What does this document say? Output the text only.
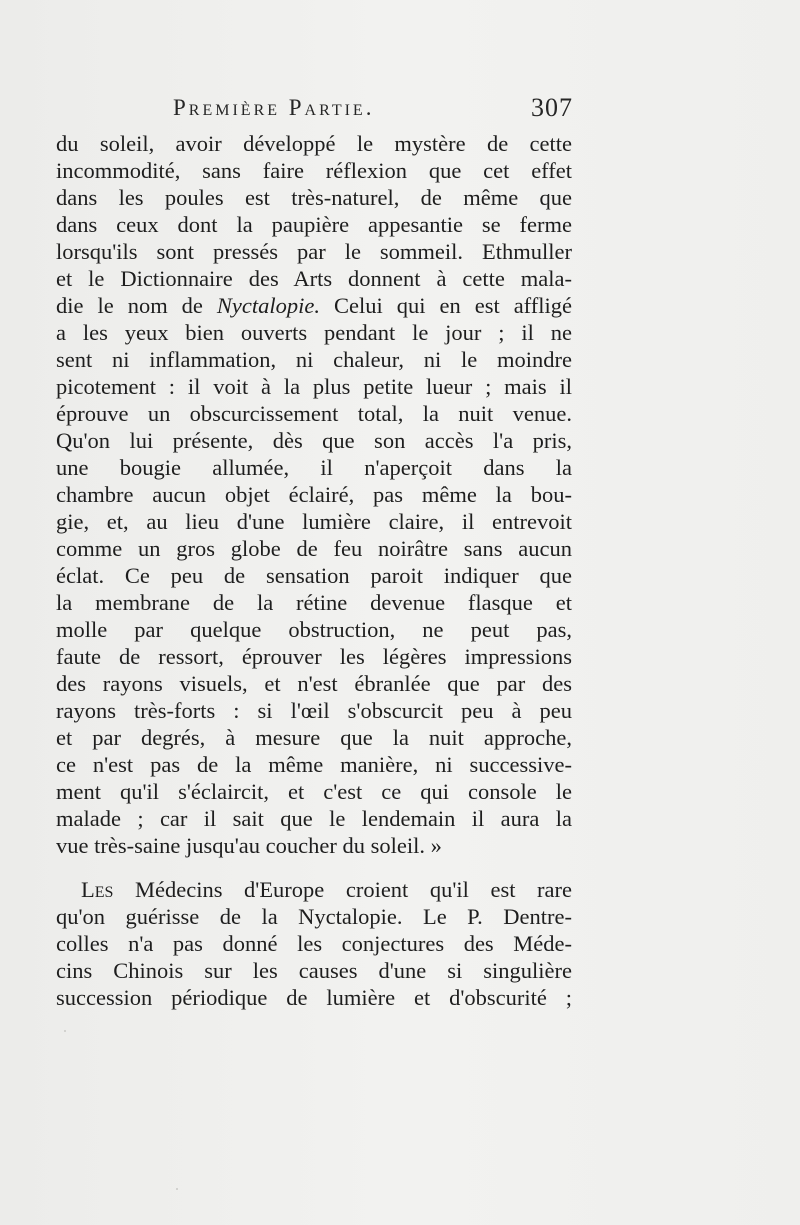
Première Partie.	307
du soleil, avoir développé le mystère de cette
incommodité, sans faire réflexion que cet effet
dans les poules est très-naturel, de même que
dans ceux dont la paupière appesantie se ferme
lorsqu'ils sont pressés par le sommeil. Ethmuller
et le Dictionnaire des Arts donnent à cette mala-
die le nom de Nyctalopie. Celui qui en est affligé
a les yeux bien ouverts pendant le jour ; il ne
sent ni inflammation, ni chaleur, ni le moindre
picotement : il voit à la plus petite lueur ; mais il
éprouve un obscurcissement total, la nuit venue.
Qu'on lui présente, dès que son accès l'a pris,
une bougie allumée, il n'aperçoit dans la
chambre aucun objet éclairé, pas même la bou-
gie, et, au lieu d'une lumière claire, il entrevoit
comme un gros globe de feu noirâtre sans aucun
éclat. Ce peu de sensation paroit indiquer que
la membrane de la rétine devenue flasque et
molle par quelque obstruction, ne peut pas,
faute de ressort, éprouver les légères impressions
des rayons visuels, et n'est ébranlée que par des
rayons très-forts : si l'œil s'obscurcit peu à peu
et par degrés, à mesure que la nuit approche,
ce n'est pas de la même manière, ni successive-
ment qu'il s'éclaircit, et c'est ce qui console le
malade ; car il sait que le lendemain il aura la
vue très-saine jusqu'au coucher du soleil. »
Les Médecins d'Europe croient qu'il est rare
qu'on guérisse de la Nyctalopie. Le P. Dentre-
colles n'a pas donné les conjectures des Méde-
cins Chinois sur les causes d'une si singulière
succession périodique de lumière et d'obscurité ;
